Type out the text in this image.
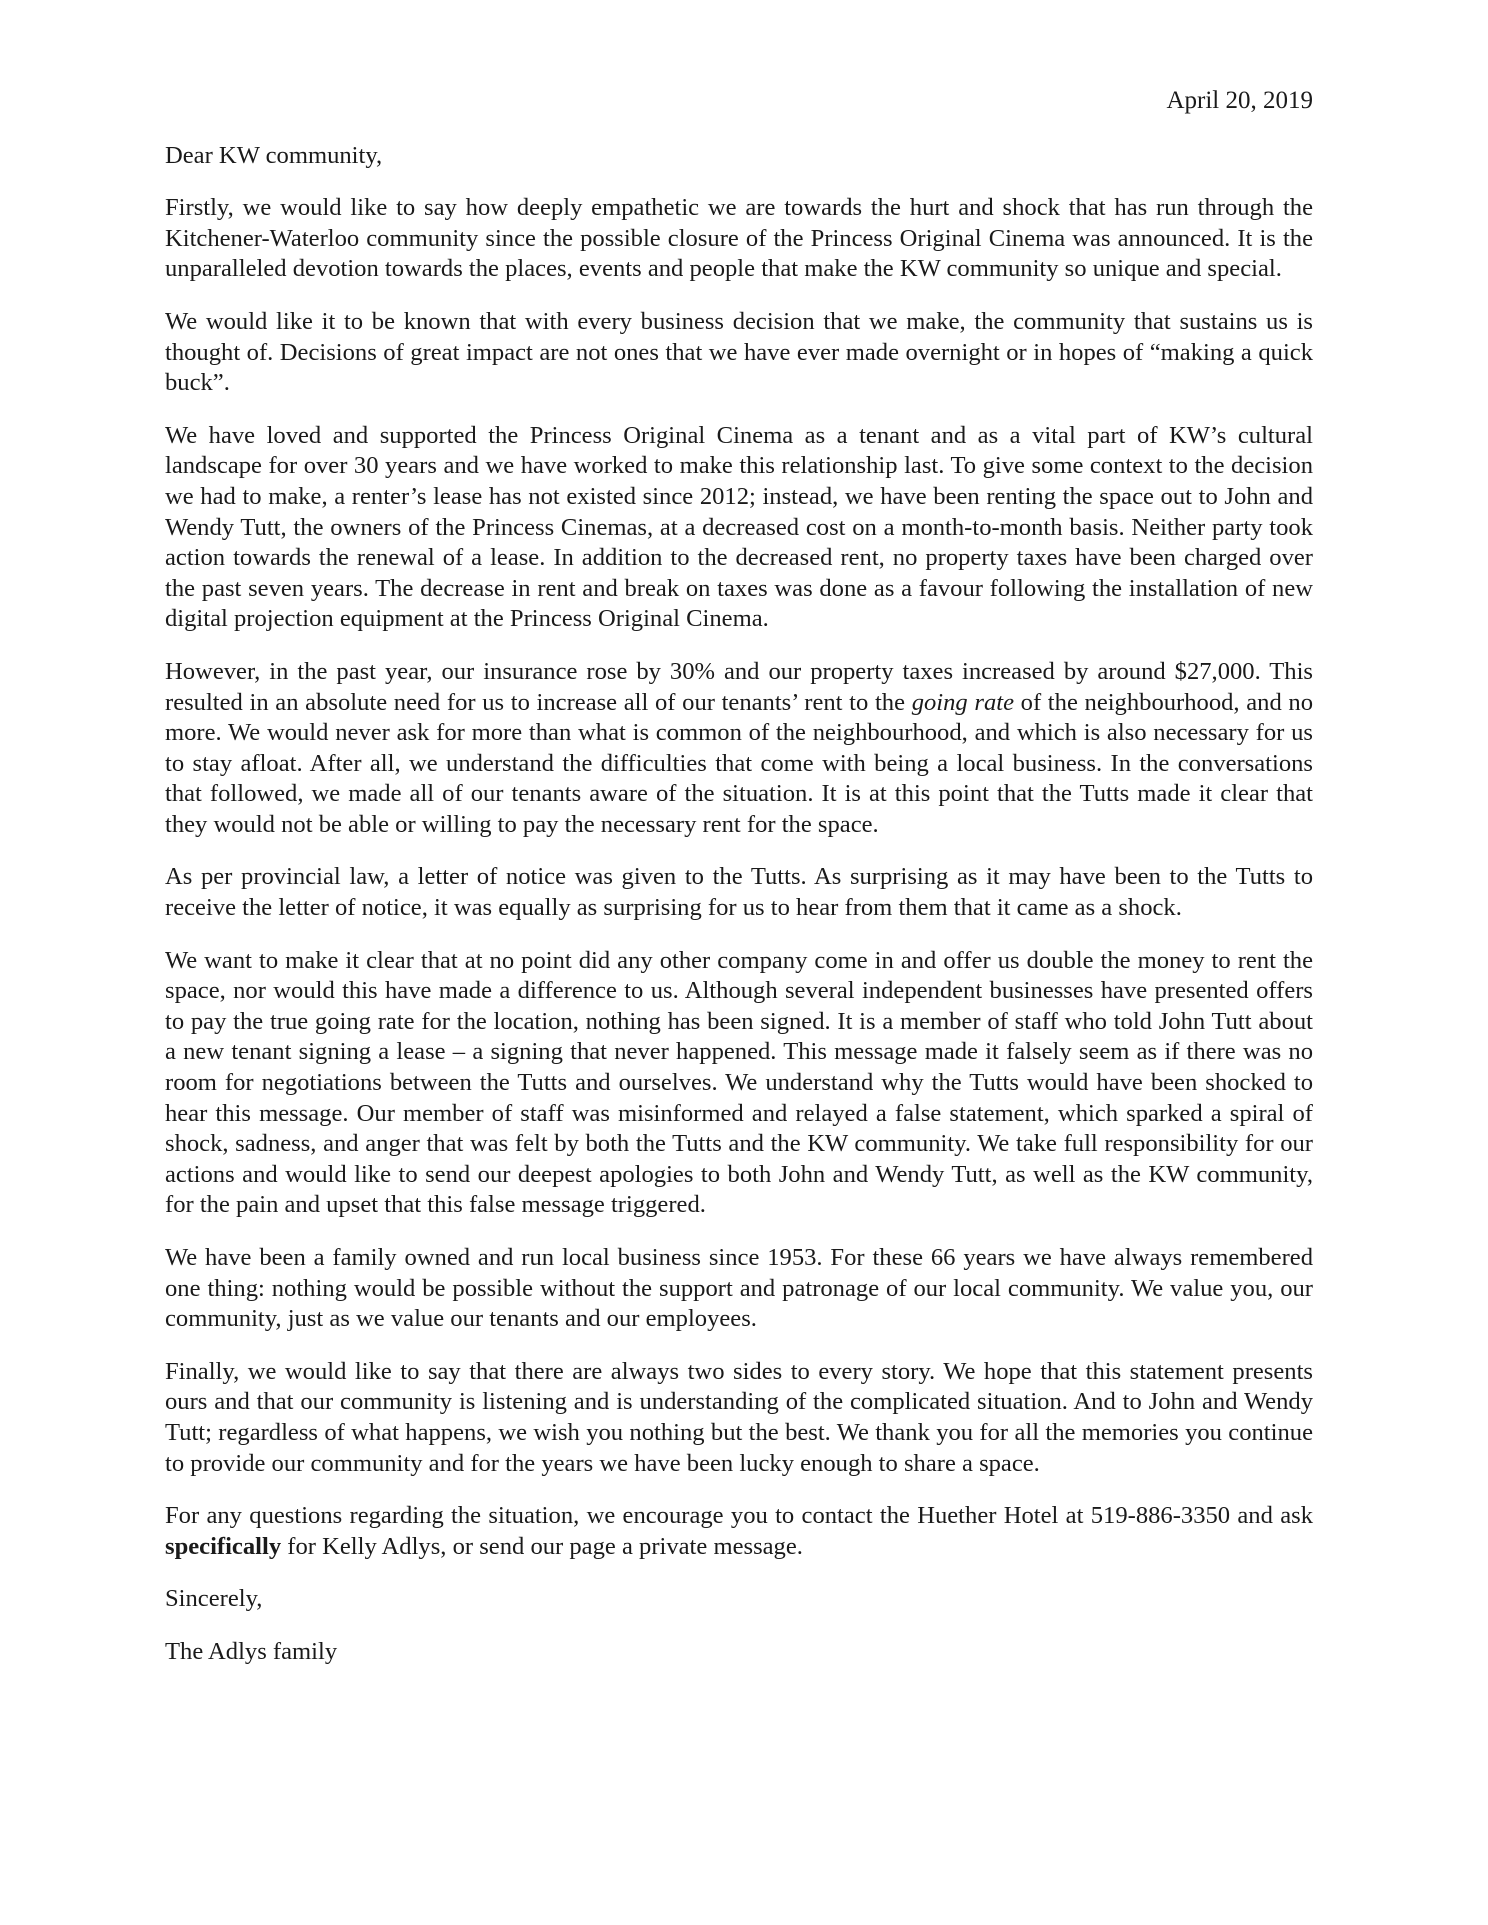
April 20, 2019

Dear KW community,

Firstly, we would like to say how deeply empathetic we are towards the hurt and shock that has run through the Kitchener-Waterloo community since the possible closure of the Princess Original Cinema was announced. It is the unparalleled devotion towards the places, events and people that make the KW community so unique and special.

We would like it to be known that with every business decision that we make, the community that sustains us is thought of. Decisions of great impact are not ones that we have ever made overnight or in hopes of “making a quick buck”.

We have loved and supported the Princess Original Cinema as a tenant and as a vital part of KW’s cultural landscape for over 30 years and we have worked to make this relationship last. To give some context to the decision we had to make, a renter’s lease has not existed since 2012; instead, we have been renting the space out to John and Wendy Tutt, the owners of the Princess Cinemas, at a decreased cost on a month-to-month basis. Neither party took action towards the renewal of a lease. In addition to the decreased rent, no property taxes have been charged over the past seven years. The decrease in rent and break on taxes was done as a favour following the installation of new digital projection equipment at the Princess Original Cinema.

However, in the past year, our insurance rose by 30% and our property taxes increased by around $27,000. This resulted in an absolute need for us to increase all of our tenants’ rent to the going rate of the neighbourhood, and no more. We would never ask for more than what is common of the neighbourhood, and which is also necessary for us to stay afloat. After all, we understand the difficulties that come with being a local business. In the conversations that followed, we made all of our tenants aware of the situation. It is at this point that the Tutts made it clear that they would not be able or willing to pay the necessary rent for the space.

As per provincial law, a letter of notice was given to the Tutts. As surprising as it may have been to the Tutts to receive the letter of notice, it was equally as surprising for us to hear from them that it came as a shock.

We want to make it clear that at no point did any other company come in and offer us double the money to rent the space, nor would this have made a difference to us. Although several independent businesses have presented offers to pay the true going rate for the location, nothing has been signed. It is a member of staff who told John Tutt about a new tenant signing a lease – a signing that never happened. This message made it falsely seem as if there was no room for negotiations between the Tutts and ourselves. We understand why the Tutts would have been shocked to hear this message. Our member of staff was misinformed and relayed a false statement, which sparked a spiral of shock, sadness, and anger that was felt by both the Tutts and the KW community. We take full responsibility for our actions and would like to send our deepest apologies to both John and Wendy Tutt, as well as the KW community, for the pain and upset that this false message triggered.

We have been a family owned and run local business since 1953. For these 66 years we have always remembered one thing: nothing would be possible without the support and patronage of our local community. We value you, our community, just as we value our tenants and our employees.

Finally, we would like to say that there are always two sides to every story. We hope that this statement presents ours and that our community is listening and is understanding of the complicated situation. And to John and Wendy Tutt; regardless of what happens, we wish you nothing but the best. We thank you for all the memories you continue to provide our community and for the years we have been lucky enough to share a space.

For any questions regarding the situation, we encourage you to contact the Huether Hotel at 519-886-3350 and ask specifically for Kelly Adlys, or send our page a private message.

Sincerely,

The Adlys family
